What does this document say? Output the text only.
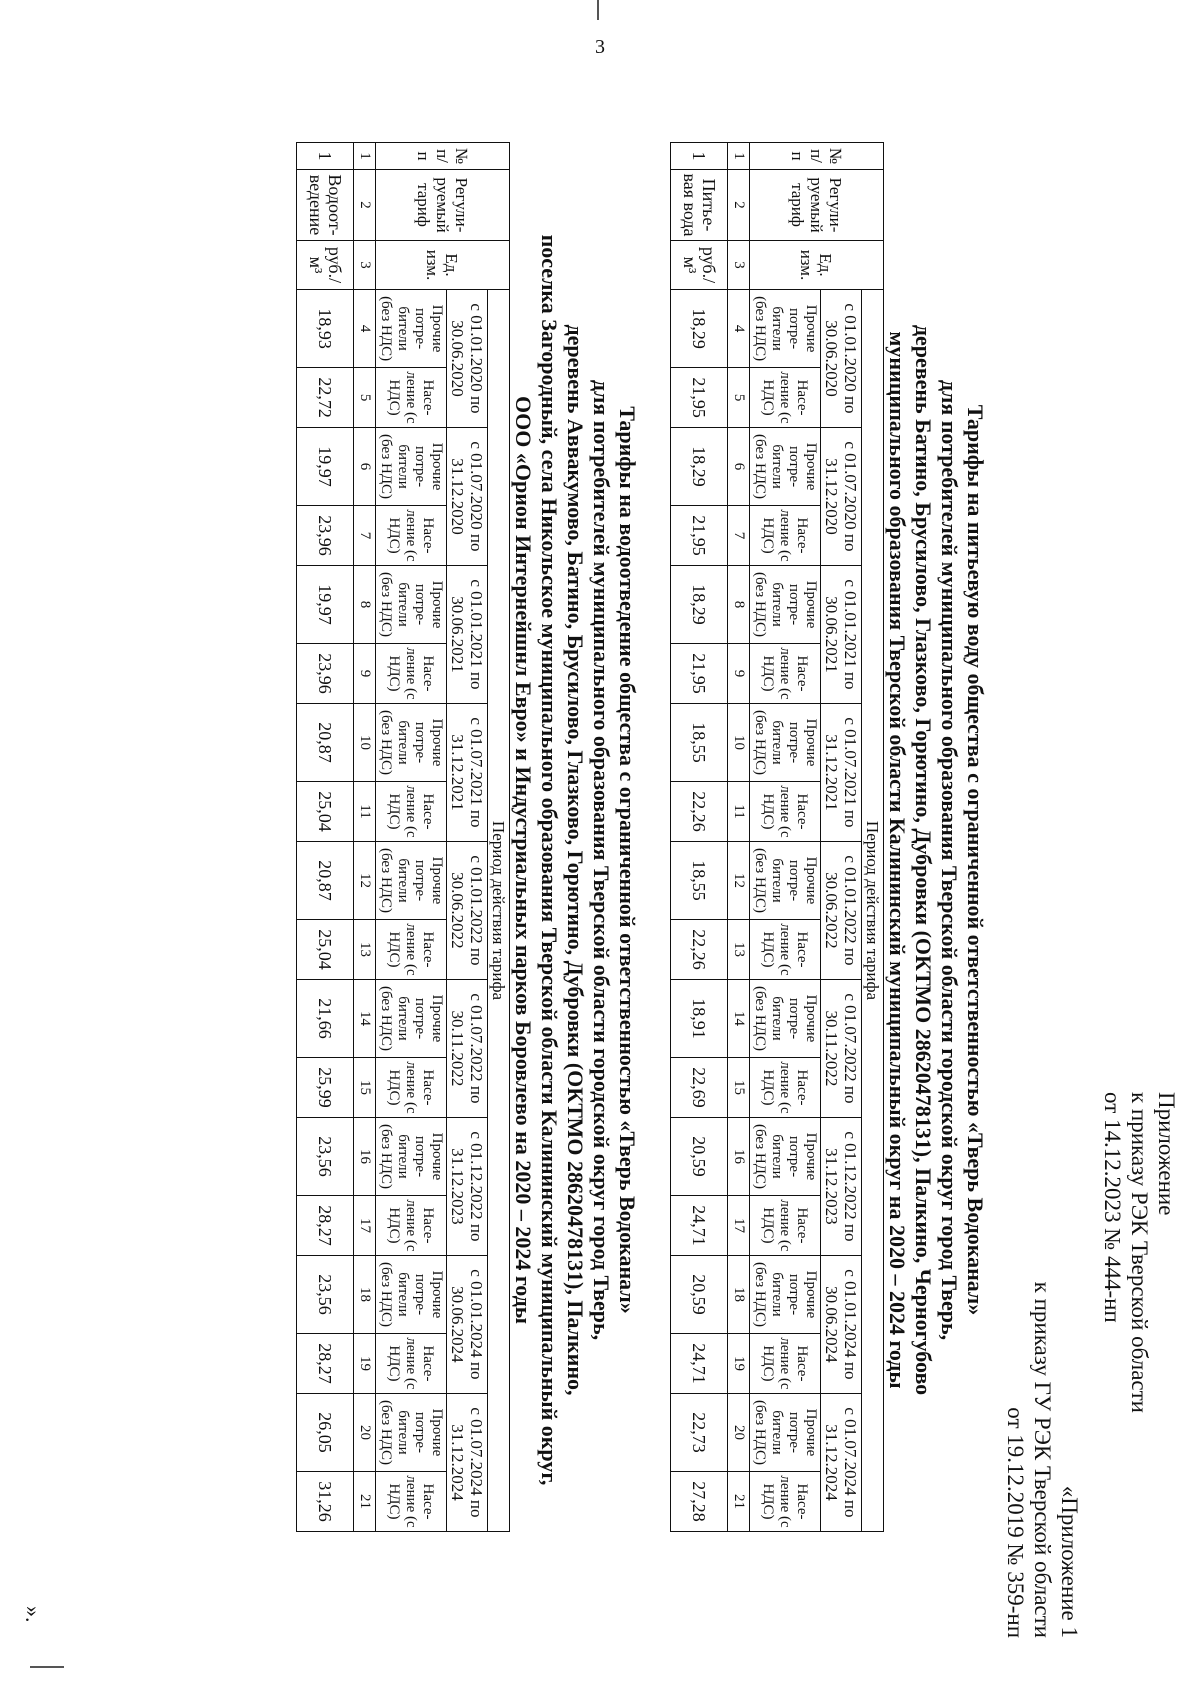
3
Приложение
к приказу РЭК Тверской области
от 14.12.2023 № 444-нп
«Приложение 1
к приказу ГУ РЭК Тверской области
от 19.12.2019 № 359-нп
Тарифы на питьевую воду общества с ограниченной ответственностью «Тверь Водоканал»
для потребителей муниципального образования Тверской области городской округ город Тверь,
деревень Батино, Брусилово, Глазково, Горютино, Дубровки (ОКТМО 28620478131), Палкино, Черногубово
муниципального образования Тверской области Калининский муниципальный округ на 2020 – 2024 годы
№ п/ п	Регули- руемый тариф	Ед. изм.	Период действия тарифа																	
			с 01.01.2020 по 30.06.2020		с 01.07.2020 по 31.12.2020		с 01.01.2021 по 30.06.2021		с 01.07.2021 по 31.12.2021		с 01.01.2022 по 30.06.2022		с 01.07.2022 по 30.11.2022		с 01.12.2022 по 31.12.2023		с 01.01.2024 по 30.06.2024		с 01.07.2024 по 31.12.2024	
			Прочие потре- бители (без НДС)	Насе- ление (с НДС)	Прочие потре- бители (без НДС)	Насе- ление (с НДС)	Прочие потре- бители (без НДС)	Насе- ление (с НДС)	Прочие потре- бители (без НДС)	Насе- ление (с НДС)	Прочие потре- бители (без НДС)	Насе- ление (с НДС)	Прочие потре- бители (без НДС)	Насе- ление (с НДС)	Прочие потре- бители (без НДС)	Насе- ление (с НДС)	Прочие потре- бители (без НДС)	Насе- ление (с НДС)	Прочие потре- бители (без НДС)	Насе- ление (с НДС)
1	2	3	4	5	6	7	8	9	10	11	12	13	14	15	16	17	18	19	20	21
1	Питье- вая вода	руб./ м³	18,29	21,95	18,29	21,95	18,29	21,95	18,55	22,26	18,55	22,26	18,91	22,69	20,59	24,71	20,59	24,71	22,73	27,28
Тарифы на водоотведение общества с ограниченной ответственностью «Тверь Водоканал»
для потребителей муниципального образования Тверской области городской округ город Тверь,
деревень Аввакумово, Батино, Брусилово, Глазково, Горютино, Дубровки (ОКТМО 28620478131), Палкино,
поселка Загородный, села Никольское муниципального образования Тверской области Калининский муниципальный округ,
ООО «Орион Интернейшнл Евро» и Индустриальных парков Боровлево на 2020 – 2024 годы
№ п/ п	Регули- руемый тариф	Ед. изм.	Период действия тарифа																	
			с 01.01.2020 по 30.06.2020		с 01.07.2020 по 31.12.2020		с 01.01.2021 по 30.06.2021		с 01.07.2021 по 31.12.2021		с 01.01.2022 по 30.06.2022		с 01.07.2022 по 30.11.2022		с 01.12.2022 по 31.12.2023		с 01.01.2024 по 30.06.2024		с 01.07.2024 по 31.12.2024	
			Прочие потре- бители (без НДС)	Насе- ление (с НДС)	Прочие потре- бители (без НДС)	Насе- ление (с НДС)	Прочие потре- бители (без НДС)	Насе- ление (с НДС)	Прочие потре- бители (без НДС)	Насе- ление (с НДС)	Прочие потре- бители (без НДС)	Насе- ление (с НДС)	Прочие потре- бители (без НДС)	Насе- ление (с НДС)	Прочие потре- бители (без НДС)	Насе- ление (с НДС)	Прочие потре- бители (без НДС)	Насе- ление (с НДС)	Прочие потре- бители (без НДС)	Насе- ление (с НДС)
1	2	3	4	5	6	7	8	9	10	11	12	13	14	15	16	17	18	19	20	21
1	Водоот- ведение	руб./ м³	18,93	22,72	19,97	23,96	19,97	23,96	20,87	25,04	20,87	25,04	21,66	25,99	23,56	28,27	23,56	28,27	26,05	31,26
».
